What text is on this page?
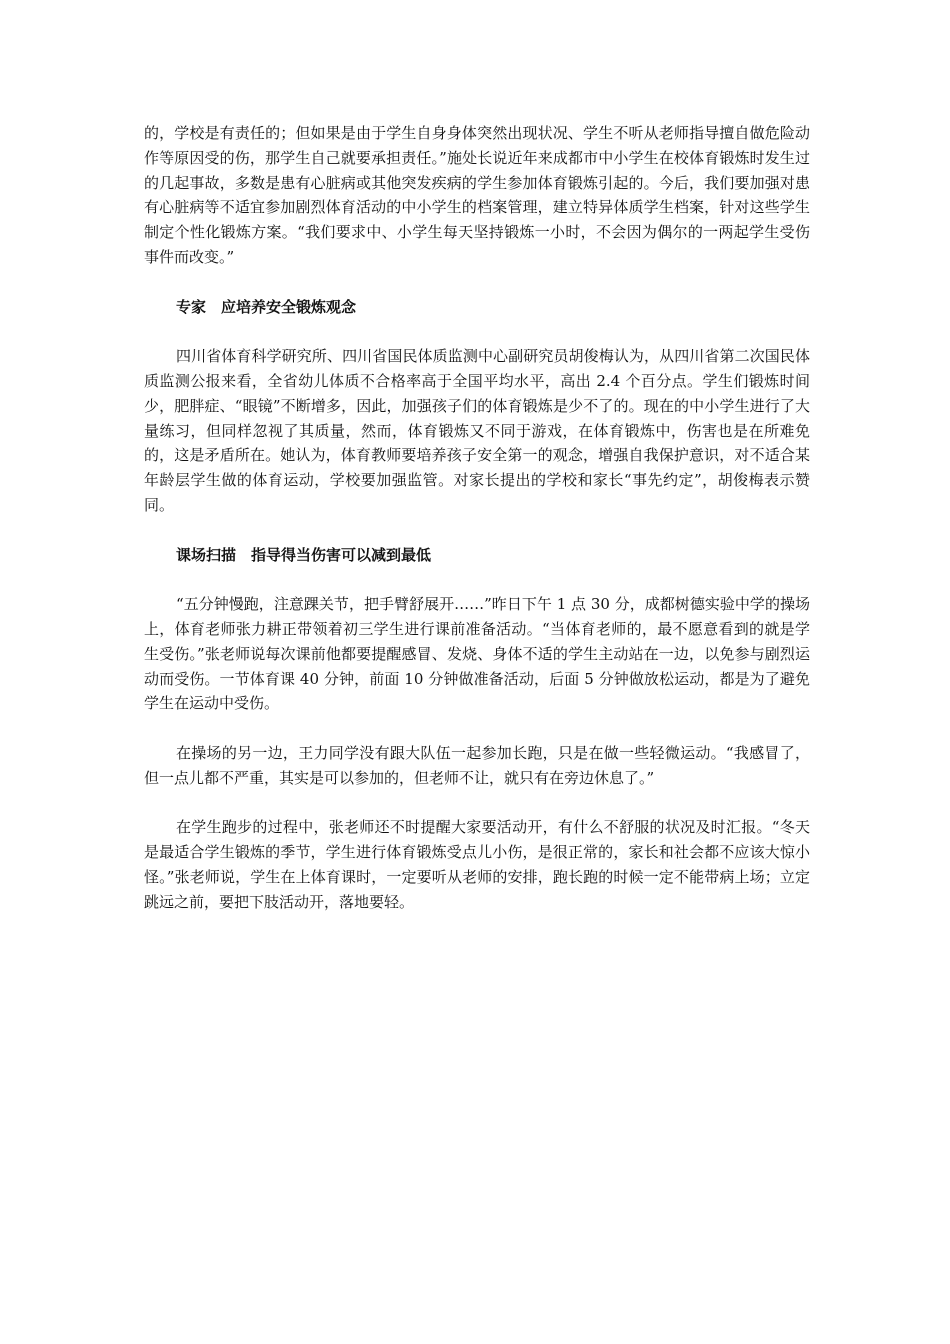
的，学校是有责任的；但如果是由于学生自身身体突然出现状况、学生不听从老师指导擅自做危险动作等原因受的伤，那学生自己就要承担责任。”施处长说近年来成都市中小学生在校体育锻炼时发生过的几起事故，多数是患有心脏病或其他突发疾病的学生参加体育锻炼引起的。今后，我们要加强对患有心脏病等不适宜参加剧烈体育活动的中小学生的档案管理，建立特异体质学生档案，针对这些学生制定个性化锻炼方案。“我们要求中、小学生每天坚持锻炼一小时，不会因为偶尔的一两起学生受伤事件而改变。”

专家　应培养安全锻炼观念

四川省体育科学研究所、四川省国民体质监测中心副研究员胡俊梅认为，从四川省第二次国民体质监测公报来看，全省幼儿体质不合格率高于全国平均水平，高出 2.4 个百分点。学生们锻炼时间少，肥胖症、“眼镜”不断增多，因此，加强孩子们的体育锻炼是少不了的。现在的中小学生进行了大量练习，但同样忽视了其质量，然而，体育锻炼又不同于游戏，在体育锻炼中，伤害也是在所难免的，这是矛盾所在。她认为，体育教师要培养孩子安全第一的观念，增强自我保护意识，对不适合某年龄层学生做的体育运动，学校要加强监管。对家长提出的学校和家长“事先约定”，胡俊梅表示赞同。

课场扫描　指导得当伤害可以减到最低

“五分钟慢跑，注意踝关节，把手臂舒展开……”昨日下午 1 点 30 分，成都树德实验中学的操场上，体育老师张力耕正带领着初三学生进行课前准备活动。“当体育老师的，最不愿意看到的就是学生受伤。”张老师说每次课前他都要提醒感冒、发烧、身体不适的学生主动站在一边，以免参与剧烈运动而受伤。一节体育课 40 分钟，前面 10 分钟做准备活动，后面 5 分钟做放松运动，都是为了避免学生在运动中受伤。

在操场的另一边，王力同学没有跟大队伍一起参加长跑，只是在做一些轻微运动。“我感冒了，但一点儿都不严重，其实是可以参加的，但老师不让，就只有在旁边休息了。”

在学生跑步的过程中，张老师还不时提醒大家要活动开，有什么不舒服的状况及时汇报。“冬天是最适合学生锻炼的季节，学生进行体育锻炼受点儿小伤，是很正常的，家长和社会都不应该大惊小怪。”张老师说，学生在上体育课时，一定要听从老师的安排，跑长跑的时候一定不能带病上场；立定跳远之前，要把下肢活动开，落地要轻。
